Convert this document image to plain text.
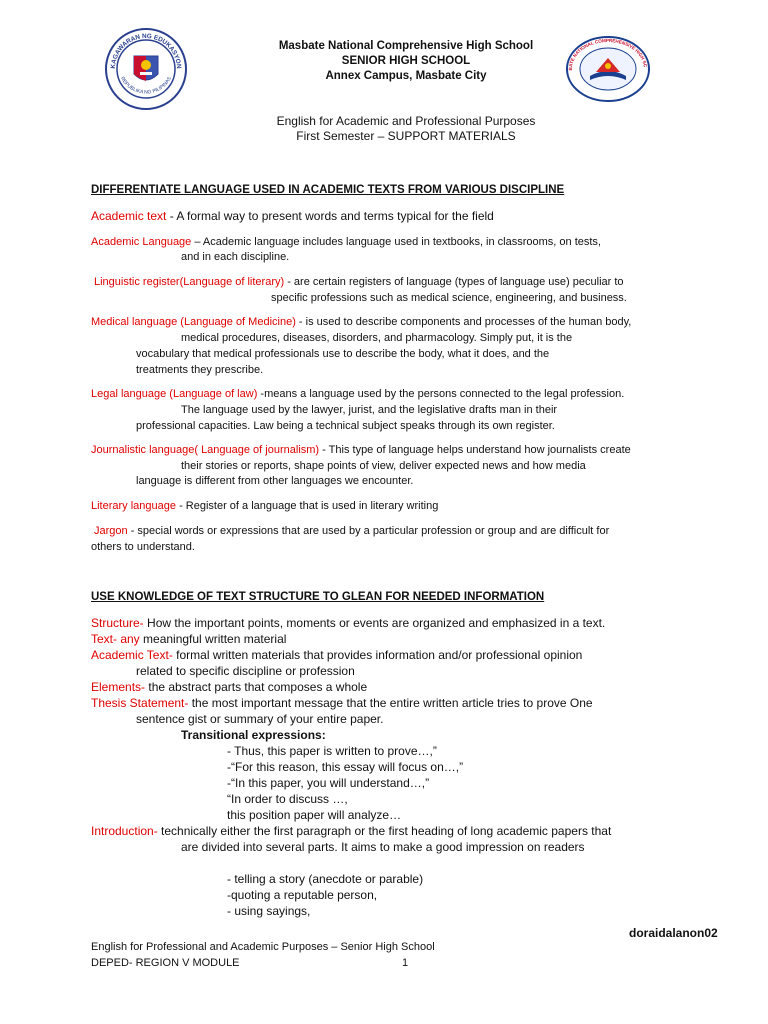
KAGAWARAN NG EDUKASYON
REPUBLIKA NG PILIPINAS
BATE NATIONAL COMPREHENSIVE HIGH SC
Masbate National Comprehensive High School
SENIOR HIGH SCHOOL
Annex Campus, Masbate City
English for Academic and Professional Purposes
First Semester – SUPPORT MATERIALS
DIFFERENTIATE LANGUAGE USED IN ACADEMIC TEXTS FROM VARIOUS DISCIPLINE
Academic text - A formal way to present words and terms typical for the field
Academic Language – Academic language includes language used in textbooks, in classrooms, on tests,
and in each discipline.
Linguistic register(Language of literary) - are certain registers of language (types of language use) peculiar to
specific professions such as medical science, engineering, and business.
Medical language (Language of Medicine) - is used to describe components and processes of the human body,
medical procedures, diseases, disorders, and pharmacology. Simply put, it is the
vocabulary that medical professionals use to describe the body, what it does, and the
treatments they prescribe.
Legal language (Language of law) -means a language used by the persons connected to the legal profession.
The language used by the lawyer, jurist, and the legislative drafts man in their
professional capacities. Law being a technical subject speaks through its own register.
Journalistic language( Language of journalism) - This type of language helps understand how journalists create
their stories or reports, shape points of view, deliver expected news and how media
language is different from other languages we encounter.
Literary language - Register of a language that is used in literary writing
Jargon - special words or expressions that are used by a particular profession or group and are difficult for
others to understand.
USE KNOWLEDGE OF TEXT STRUCTURE TO GLEAN FOR NEEDED INFORMATION
Structure- How the important points, moments or events are organized and emphasized in a text.
Text- any meaningful written material
Academic Text- formal written materials that provides information and/or professional opinion
related to specific discipline or profession
Elements- the abstract parts that composes a whole
Thesis Statement- the most important message that the entire written article tries to prove One
sentence gist or summary of your entire paper.
Transitional expressions:
- Thus, this paper is written to prove…,”
-“For this reason, this essay will focus on…,”
-“In this paper, you will understand…,”
“In order to discuss …,
this position paper will analyze…
Introduction- technically either the first paragraph or the first heading of long academic papers that
are divided into several parts. It aims to make a good impression on readers
- telling a story (anecdote or parable)
-quoting a reputable person,
- using sayings,
doraidalanon02
English for Professional and Academic Purposes – Senior High School
DEPED- REGION V MODULE	1
